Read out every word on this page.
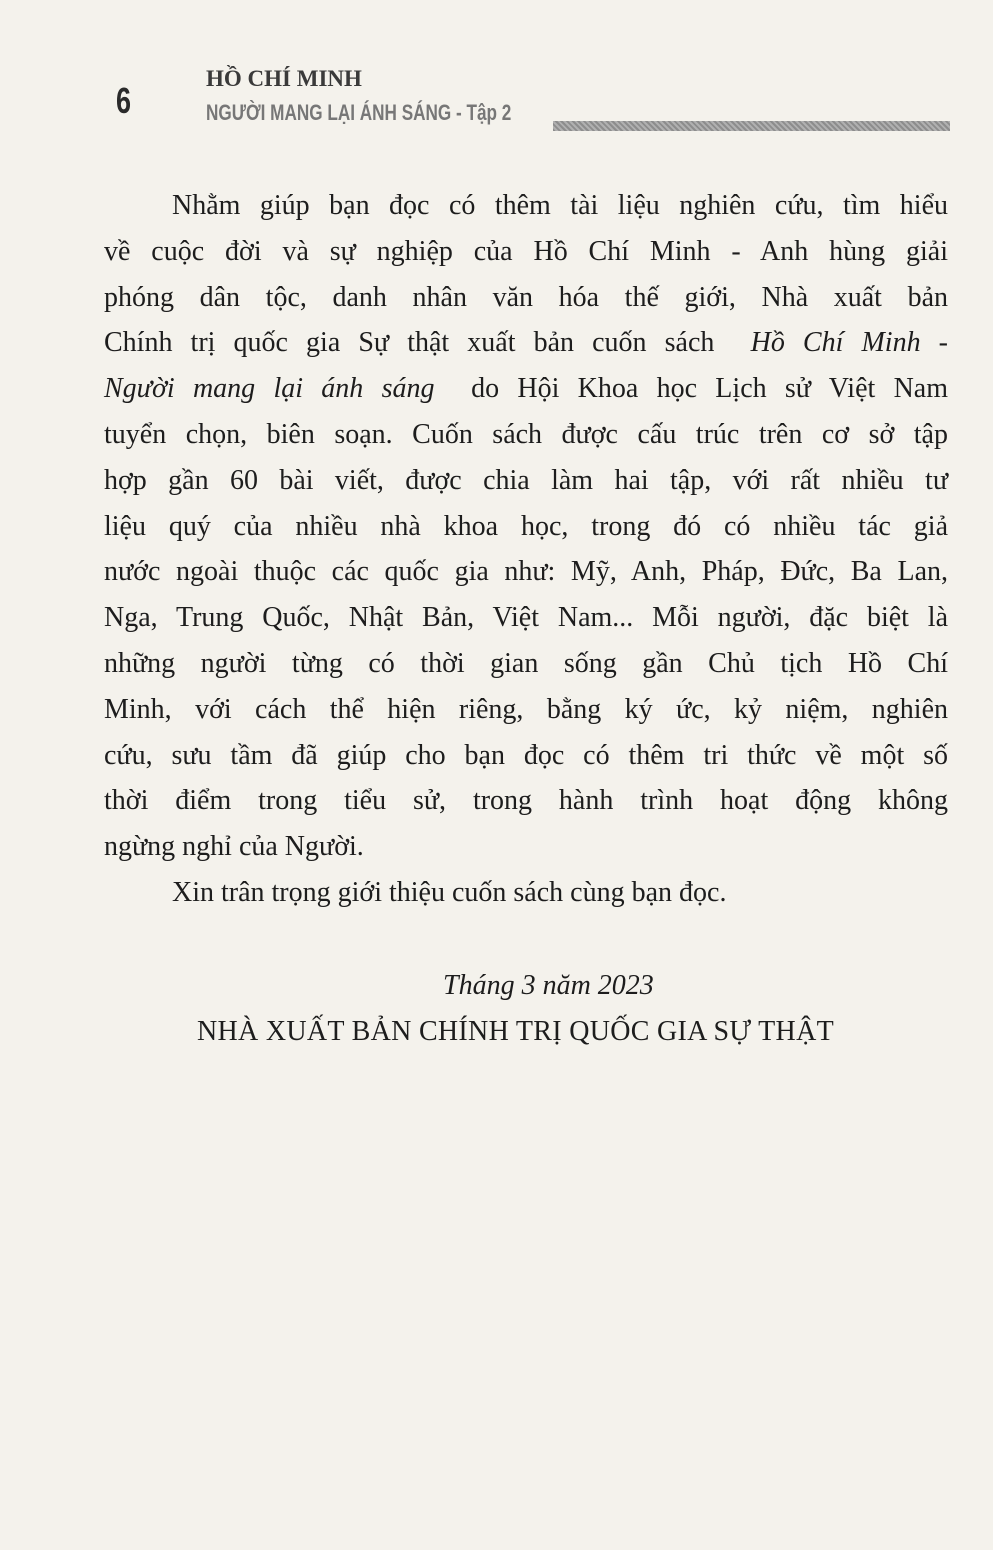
6
HỒ CHÍ MINH
NGƯỜI MANG LẠI ÁNH SÁNG - Tập 2
Nhằm giúp bạn đọc có thêm tài liệu nghiên cứu, tìm hiểu
về cuộc đời và sự nghiệp của Hồ Chí Minh - Anh hùng giải
phóng dân tộc, danh nhân văn hóa thế giới, Nhà xuất bản
Chính trị quốc gia Sự thật xuất bản cuốn sách  Hồ Chí Minh -
Người mang lại ánh sáng  do Hội Khoa học Lịch sử Việt Nam
tuyển chọn, biên soạn. Cuốn sách được cấu trúc trên cơ sở tập
hợp gần 60 bài viết, được chia làm hai tập, với rất nhiều tư
liệu quý của nhiều nhà khoa học, trong đó có nhiều tác giả
nước ngoài thuộc các quốc gia như: Mỹ, Anh, Pháp, Đức, Ba Lan,
Nga, Trung Quốc, Nhật Bản, Việt Nam... Mỗi người, đặc biệt là
những người từng có thời gian sống gần Chủ tịch Hồ Chí
Minh, với cách thể hiện riêng, bằng ký ức, kỷ niệm, nghiên
cứu, sưu tầm đã giúp cho bạn đọc có thêm tri thức về một số
thời điểm trong tiểu sử, trong hành trình hoạt động không
ngừng nghỉ của Người.
Xin trân trọng giới thiệu cuốn sách cùng bạn đọc.
Tháng 3 năm 2023
NHÀ XUẤT BẢN CHÍNH TRỊ QUỐC GIA SỰ THẬT
